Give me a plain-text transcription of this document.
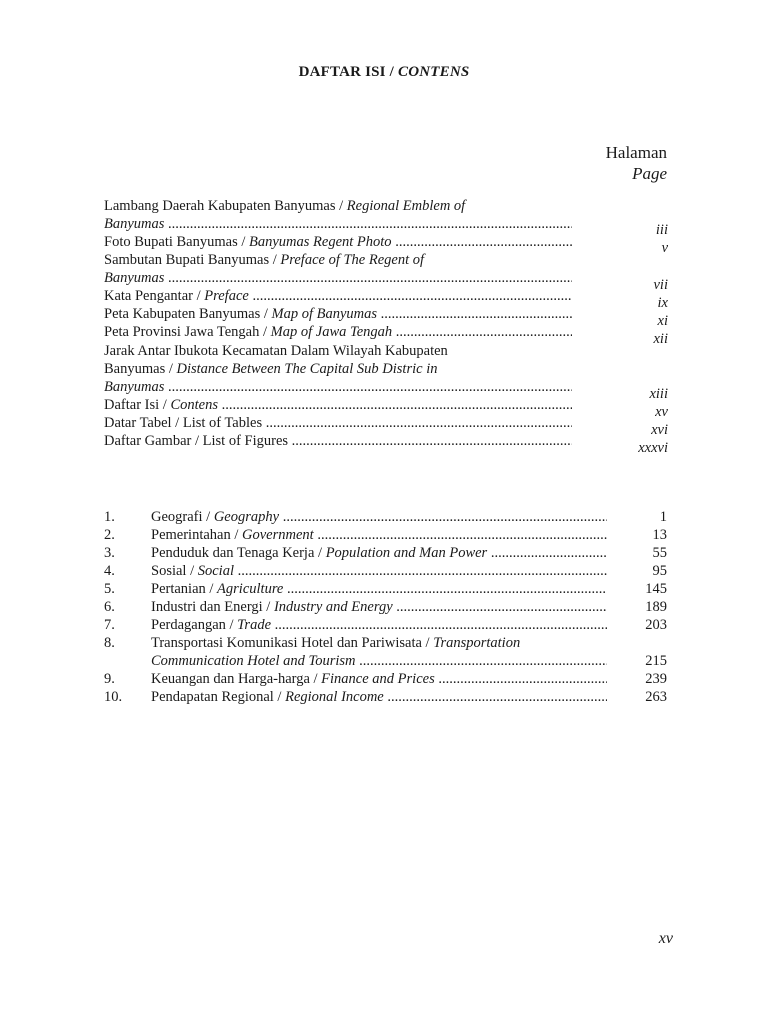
DAFTAR ISI / CONTENS
Halaman
Page
Lambang Daerah Kabupaten Banyumas / Regional Emblem of
Banyumas .....	iii
Foto Bupati Banyumas / Banyumas Regent Photo .....	v
Sambutan Bupati Banyumas / Preface of The Regent of
Banyumas .....	vii
Kata Pengantar / Preface .....	ix
Peta Kabupaten Banyumas / Map of Banyumas .....	xi
Peta Provinsi Jawa Tengah / Map of Jawa Tengah .....	xii
Jarak Antar Ibukota Kecamatan Dalam Wilayah Kabupaten
Banyumas / Distance Between The Capital Sub Distric in
Banyumas .....	xiii
Daftar Isi / Contens .....	xv
Datar Tabel / List of Tables .....	xvi
Daftar Gambar / List of Figures .....	xxxvi
1.	Geografi / Geography .....	1
2.	Pemerintahan / Government .....	13
3.	Penduduk dan Tenaga Kerja / Population and Man Power .....	55
4.	Sosial / Social .....	95
5.	Pertanian / Agriculture .....	145
6.	Industri dan Energi / Industry and Energy .....	189
7.	Perdagangan / Trade .....	203
8.	Transportasi Komunikasi Hotel dan Pariwisata / Transportation
Communication Hotel and Tourism .....	215
9.	Keuangan dan Harga-harga / Finance and Prices .....	239
10.	Pendapatan Regional / Regional Income .....	263
xv
